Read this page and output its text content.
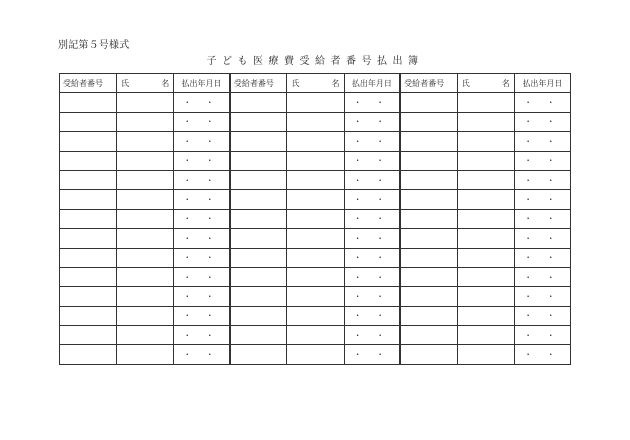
別記第５号様式
子ども医療費受給者番号払出簿
受給者番号	氏 名	払出年月日	受給者番号	氏 名	払出年月日	受給者番号	氏 名	払出年月日
		・ ・			・ ・			・ ・
		・ ・			・ ・			・ ・
		・ ・			・ ・			・ ・
		・ ・			・ ・			・ ・
		・ ・			・ ・			・ ・
		・ ・			・ ・			・ ・
		・ ・			・ ・			・ ・
		・ ・			・ ・			・ ・
		・ ・			・ ・			・ ・
		・ ・			・ ・			・ ・
		・ ・			・ ・			・ ・
		・ ・			・ ・			・ ・
		・ ・			・ ・			・ ・
		・ ・			・ ・			・ ・
